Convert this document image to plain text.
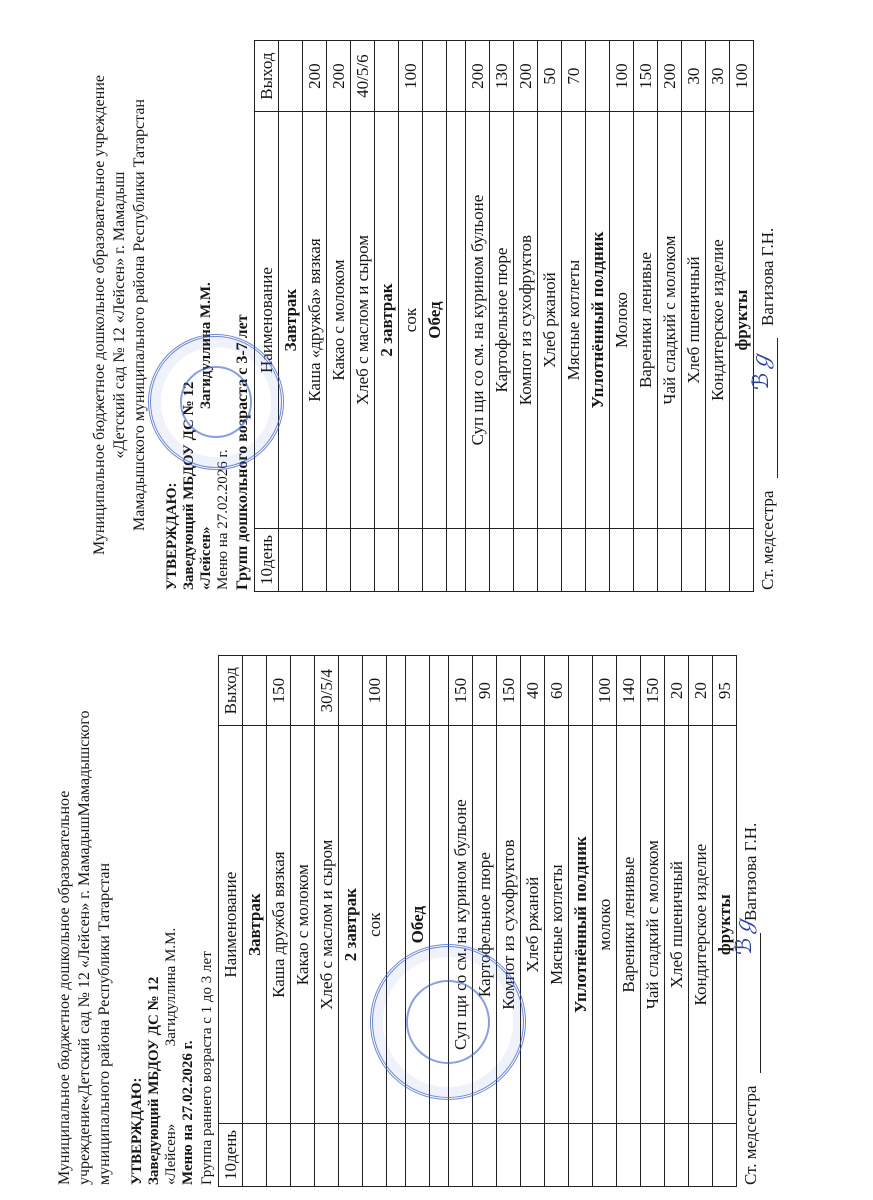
Муниципальное бюджетное дошкольное образовательное учреждение«Детский сад № 12 «Лейсен» г. МамадышМамадышского муниципального района Республики Татарстан УТВЕРЖДАЮ: Заведующий МБДОУ ДС № 12 «Лейсен»  Загидуллина М.М.
Меню на 27.02.2026 г. Группа раннего возраста с 1 до 3 лет 10день	Наименование	Выход
	Завтрак	
	Каша дружба вязкая	150
	Какао с молоком	
	Хлеб с маслом и сыром	30/5/4
	2 завтрак	
	сок	100

	Обед	

	Суп щи со см. на курином бульоне	150
	Картофельное пюре	90
	Компот из сухофруктов	150
	Хлеб ржаной	40
	Мясные котлеты	60
	Уплотнённый полдник	
	молоко	100
	Вареники ленивые	140
	Чай сладкий с молоком	150
	Хлеб пшеничный	20
	Кондитерское изделие	20
	фрукты	95
Ст. медсестра  Вагизова Г.Н.
ℬℊ
Муниципальное бюджетное дошкольное образовательное учреждение «Детский сад № 12 «Лейсен» г. Мамадыш Мамадышского муниципального района Республики Татарстан
УТВЕРЖДАЮ: Заведующий МБДОУ ДС № 12 «Лейсен»  Загидуллина М.М.
Меню на 27.02.2026 г. Групп дошкольного возраста с 3-7 лет 10день	Наименование	Выход
	Завтрак	
	Каша «дружба» вязкая	200
	Какао с молоком	200
	Хлеб с маслом и сыром	40/5/6
	2 завтрак	
	сок	100
	Обед	

	Суп щи со см. на курином бульоне	200
	Картофельное пюре	130
	Компот из сухофруктов	200
	Хлеб ржаной	50
	Мясные котлеты	70
	Уплотнённый полдник	
	Молоко	100
	Вареники ленивые	150
	Чай сладкий с молоком	200
	Хлеб пшеничный	30
	Кондитерское изделие	30
	фрукты	100
Ст. медсестра  Вагизова Г.Н.
ℬℊ
